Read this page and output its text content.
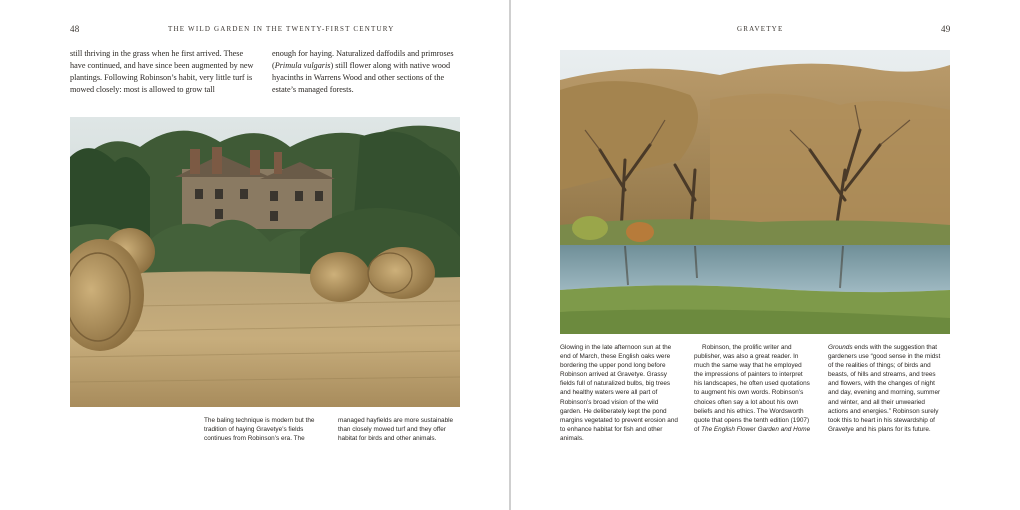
48	THE WILD GARDEN IN THE TWENTY-FIRST CENTURY

still thriving in the grass when he first arrived. These have continued, and have since been augmented by new plantings. Following Robinson’s habit, very little turf is mowed closely: most is allowed to grow tall

enough for haying. Naturalized daffodils and primroses (Primula vulgaris) still flower along with native wood hyacinths in Warrens Wood and other sections of the estate’s managed forests.

The baling technique is modern but the tradition of haying Gravetye’s fields continues from Robinson’s era. The

managed hayfields are more sustainable than closely mowed turf and they offer habitat for birds and other animals.

GRAVETYE	49

Glowing in the late afternoon sun at the end of March, these English oaks were bordering the upper pond long before Robinson arrived at Gravetye. Grassy fields full of naturalized bulbs, big trees and healthy waters were all part of Robinson’s broad vision of the wild garden. He deliberately kept the pond margins vegetated to prevent erosion and to enhance habitat for fish and other animals.

Robinson, the prolific writer and publisher, was also a great reader. In much the same way that he employed the impressions of painters to interpret his landscapes, he often used quotations to augment his own words. Robinson’s choices often say a lot about his own beliefs and his ethics. The Wordsworth quote that opens the tenth edition (1907) of The English Flower Garden and Home

Grounds ends with the suggestion that gardeners use “good sense in the midst of the realities of things; of birds and beasts, of hills and streams, and trees and flowers, with the changes of night and day, evening and morning, summer and winter, and all their unwearied actions and energies.” Robinson surely took this to heart in his stewardship of Gravetye and his plans for its future.
